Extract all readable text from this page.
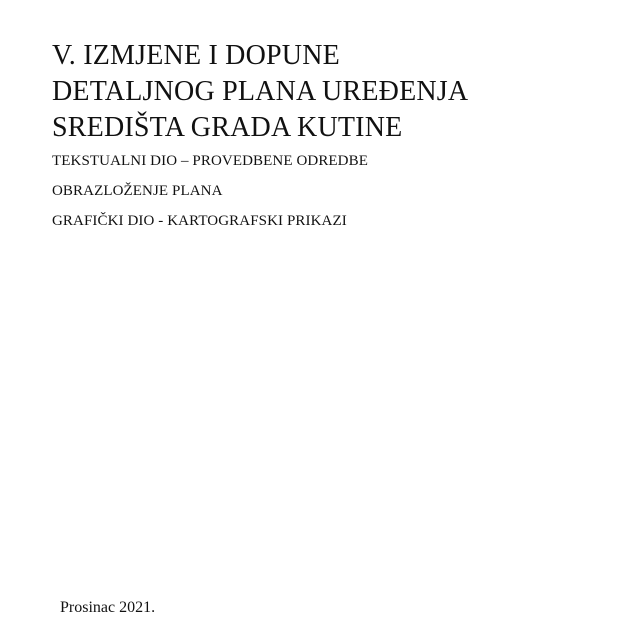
V. IZMJENE I DOPUNE
DETALJNOG PLANA UREĐENJA
SREDIŠTA GRADA KUTINE
TEKSTUALNI DIO – PROVEDBENE ODREDBE
OBRAZLOŽENJE PLANA
GRAFIČKI DIO - KARTOGRAFSKI PRIKAZI
Prosinac 2021.
